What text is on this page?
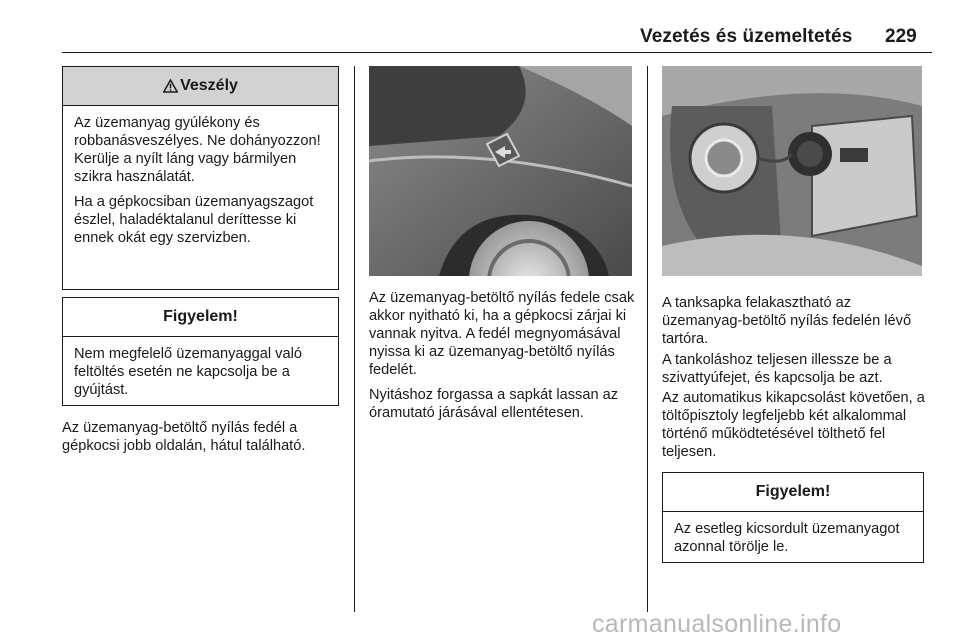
Vezetés és üzemeltetés 229
Veszély

Az üzemanyag gyúlékony és robbanásveszélyes. Ne dohányozzon! Kerülje a nyílt láng vagy bármilyen szikra használatát.

Ha a gépkocsiban üzemanyagszagot észlel, haladéktalanul deríttesse ki ennek okát egy szervizben.

Figyelem!

Nem megfelelő üzemanyaggal való feltöltés esetén ne kapcsolja be a gyújtást.

Az üzemanyag-betöltő nyílás fedél a gépkocsi jobb oldalán, hátul található.

Az üzemanyag-betöltő nyílás fedele csak akkor nyitható ki, ha a gépkocsi zárjai ki vannak nyitva. A fedél megnyomásával nyissa ki az üzemanyag-betöltő nyílás fedelét.

Nyitáshoz forgassa a sapkát lassan az óramutató járásával ellentétesen.

A tanksapka felakasztható az üzemanyag-betöltő nyílás fedelén lévő tartóra.

A tankoláshoz teljesen illessze be a szivattyúfejet, és kapcsolja be azt.

Az automatikus kikapcsolást követően, a töltőpisztoly legfeljebb két alkalommal történő működtetésével tölthető fel teljesen.

Figyelem!

Az esetleg kicsordult üzemanyagot azonnal törölje le.

carmanualsonline.info
